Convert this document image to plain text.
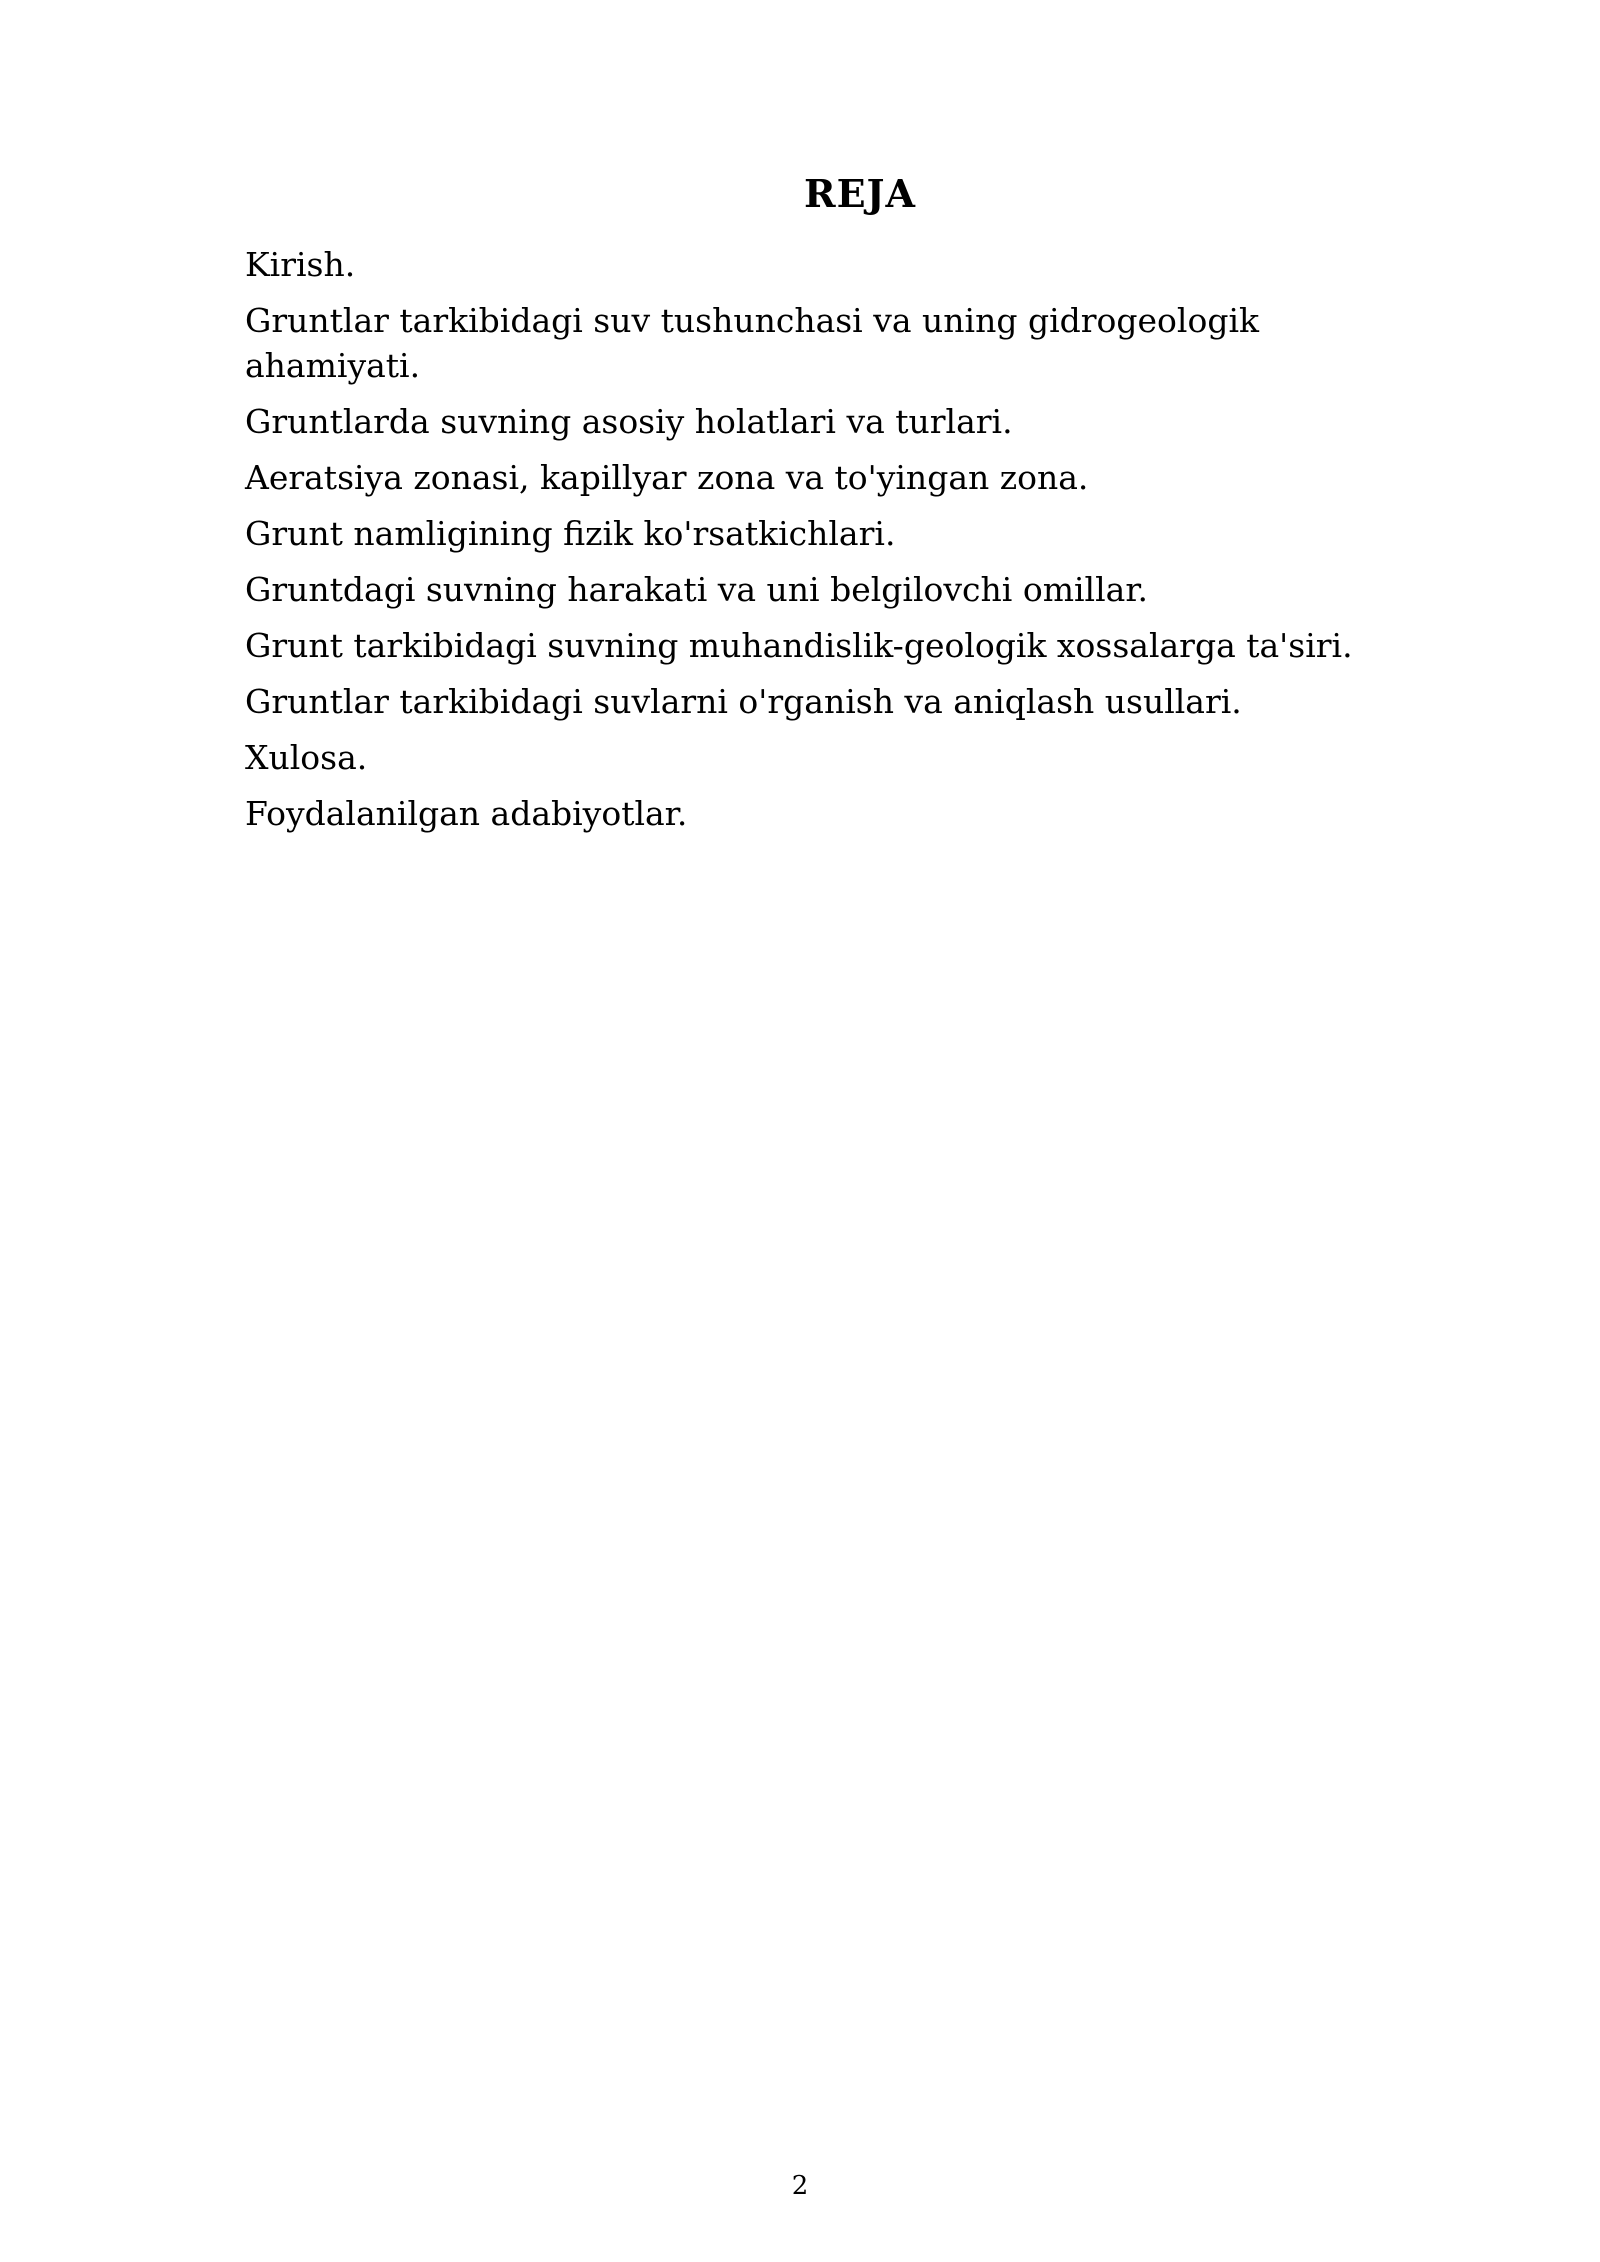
REJA
Kirish.
Gruntlar tarkibidagi suv tushunchasi va uning gidrogeologik ahamiyati.
Gruntlarda suvning asosiy holatlari va turlari.
Aeratsiya zonasi, kapillyar zona va to'yingan zona.
Grunt namligining fizik ko'rsatkichlari.
Gruntdagi suvning harakati va uni belgilovchi omillar.
Grunt tarkibidagi suvning muhandislik-geologik xossalarga ta'siri.
Gruntlar tarkibidagi suvlarni o'rganish va aniqlash usullari.
Xulosa.
Foydalanilgan adabiyotlar.
2
